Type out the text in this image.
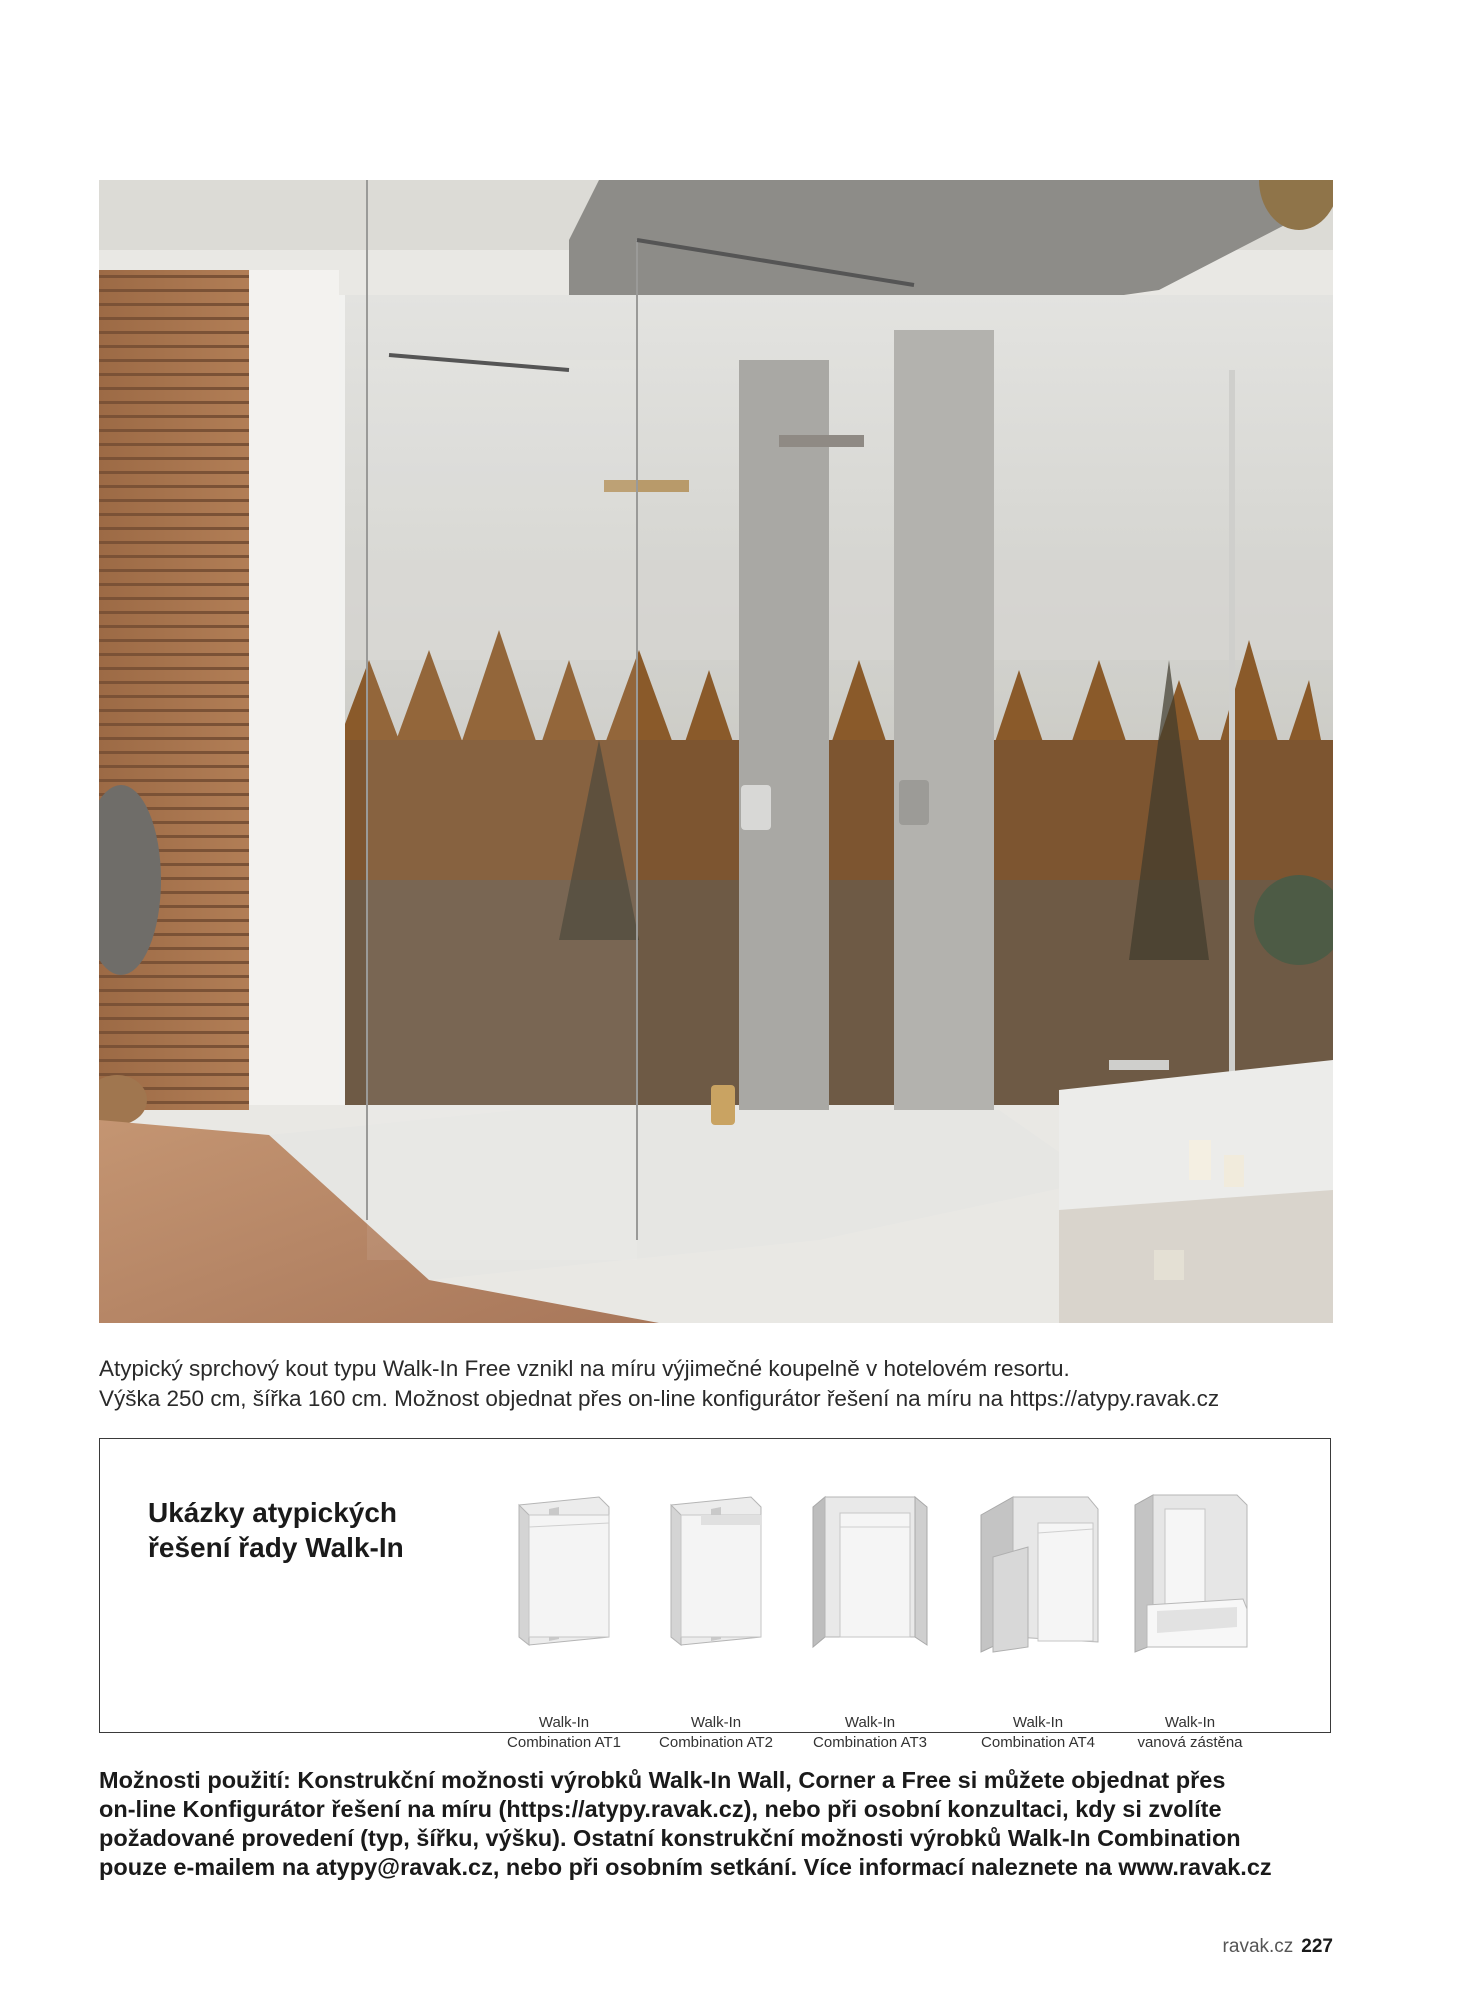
Atypický sprchový kout typu Walk-In Free vznikl na míru výjimečné koupelně v hotelovém resortu.
Výška 250 cm, šířka 160 cm. Možnost objednat přes on-line konfigurátor řešení na míru na https://atypy.ravak.cz
Ukázky atypických
řešení řady Walk-In
Walk-In
Combination AT1
Walk-In
Combination AT2
Walk-In
Combination AT3
Walk-In
Combination AT4
Walk-In
vanová zástěna
Možnosti použití: Konstrukční možnosti výrobků Walk-In Wall, Corner a Free si můžete objednat přes
on-line Konfigurátor řešení na míru (https://atypy.ravak.cz), nebo při osobní konzultaci, kdy si zvolíte
požadované provedení (typ, šířku, výšku). Ostatní konstrukční možnosti výrobků Walk-In Combination
pouze e-mailem na atypy@ravak.cz, nebo při osobním setkání. Více informací naleznete na www.ravak.cz
ravak.cz 227
